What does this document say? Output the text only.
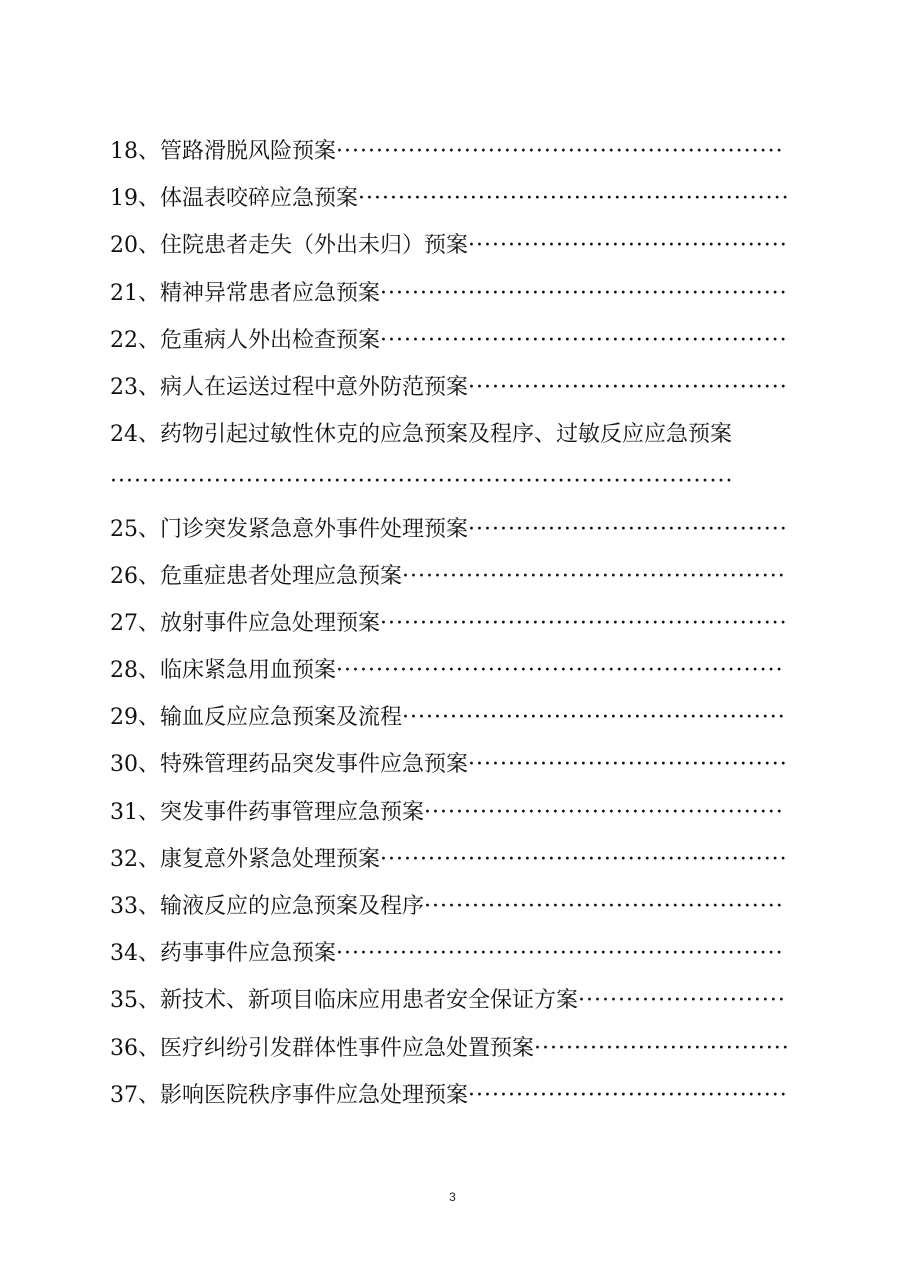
18、管路滑脱风险预案························································
19、体温表咬碎应急预案······················································
20、住院患者走失（外出未归）预案········································
21、精神异常患者应急预案···················································
22、危重病人外出检查预案···················································
23、病人在运送过程中意外防范预案········································
24、药物引起过敏性休克的应急预案及程序、过敏反应应急预案··············································································
25、门诊突发紧急意外事件处理预案········································
26、危重症患者处理应急预案················································
27、放射事件应急处理预案···················································
28、临床紧急用血预案························································
29、输血反应应急预案及流程················································
30、特殊管理药品突发事件应急预案········································
31、突发事件药事管理应急预案·············································
32、康复意外紧急处理预案···················································
33、输液反应的应急预案及程序·············································
34、药事事件应急预案························································
35、新技术、新项目临床应用患者安全保证方案··························
36、医疗纠纷引发群体性事件应急处置预案································
37、影响医院秩序事件应急处理预案········································
3
